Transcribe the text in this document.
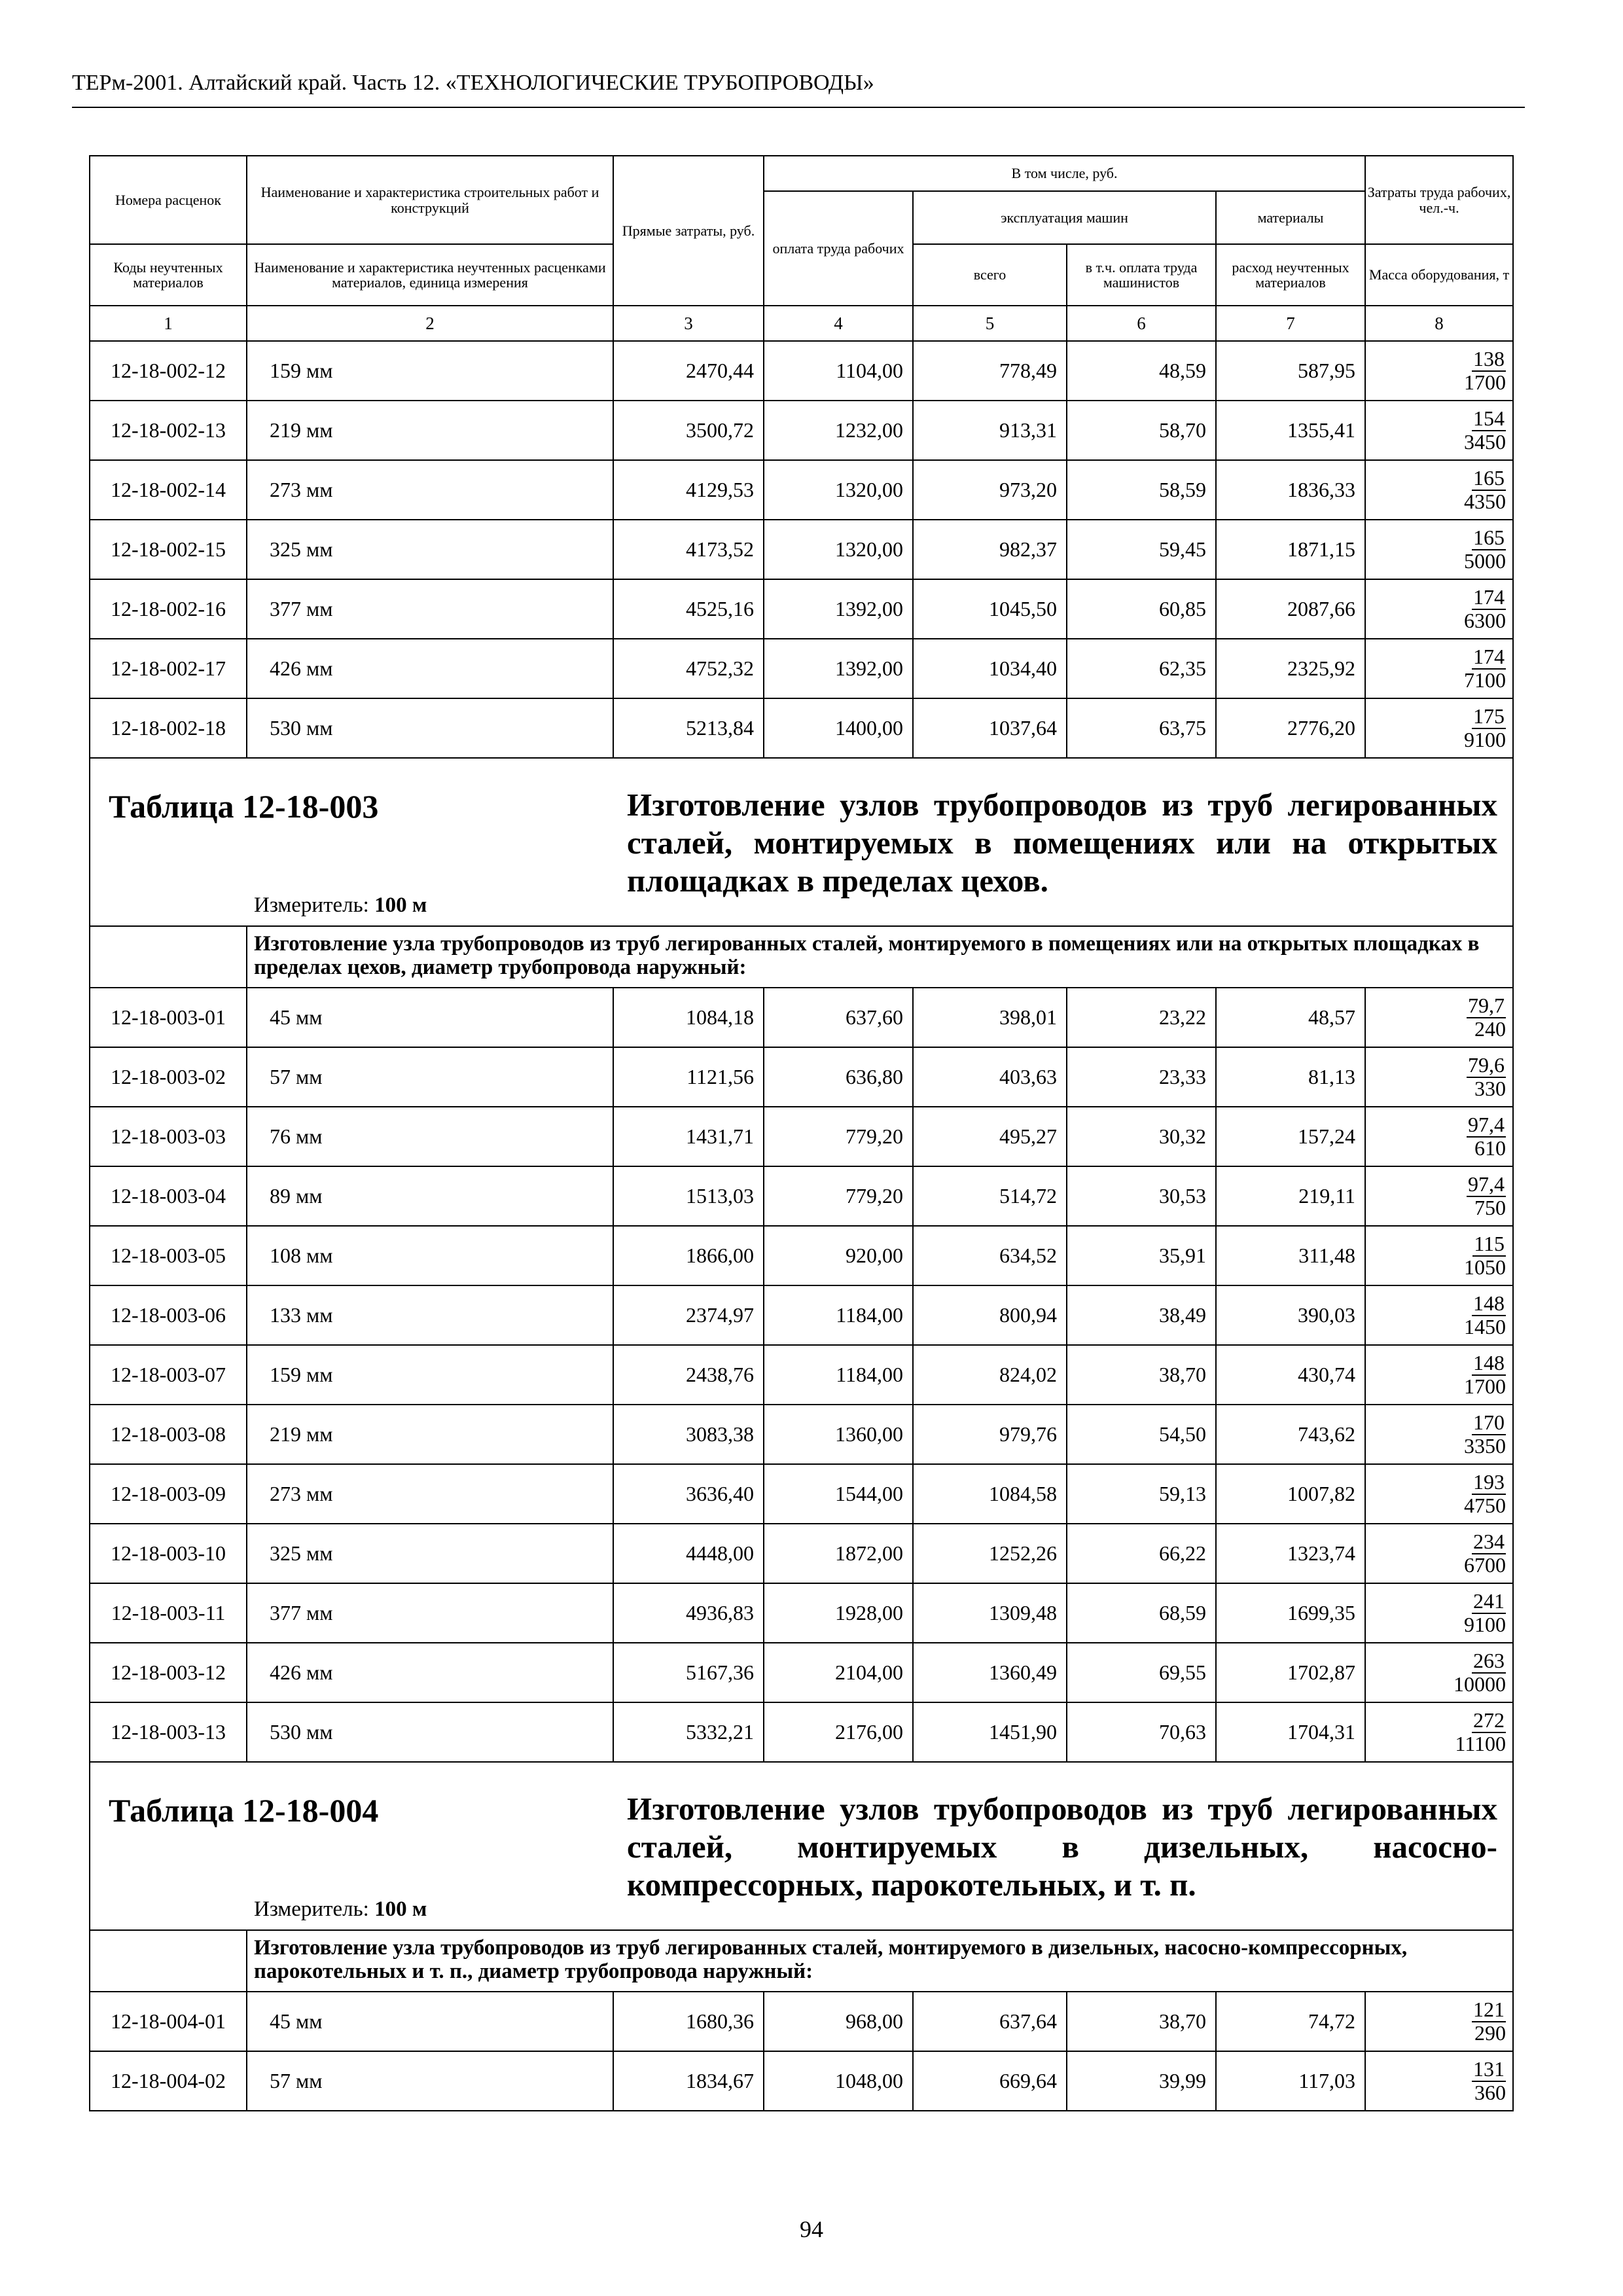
ТЕРм-2001. Алтайский край. Часть 12. «ТЕХНОЛОГИЧЕСКИЕ ТРУБОПРОВОДЫ»
Номера расценок	Наименование и характеристика строительных работ и конструкций	Прямые затраты, руб.	В том числе, руб.				Затраты труда рабочих, чел.-ч.
			оплата труда рабочих	эксплуатация машин		материалы	
Коды неучтенных материалов	Наименование и характеристика неучтенных расценками материалов, единица измерения			всего	в т.ч. оплата труда машинистов	расход неучтенных материалов	Масса оборудования, т
1	2	3	4	5	6	7	8
12-18-002-12	159 мм	2470,44	1104,00	778,49	48,59	587,95	138
1700

12-18-002-13	219 мм	3500,72	1232,00	913,31	58,70	1355,41	154
3450

12-18-002-14	273 мм	4129,53	1320,00	973,20	58,59	1836,33	165
4350

12-18-002-15	325 мм	4173,52	1320,00	982,37	59,45	1871,15	165
5000

12-18-002-16	377 мм	4525,16	1392,00	1045,50	60,85	2087,66	174
6300

12-18-002-17	426 мм	4752,32	1392,00	1034,40	62,35	2325,92	174
7100

12-18-002-18	530 мм	5213,84	1400,00	1037,64	63,75	2776,20	175
9100

Таблица 12-18-003 Изготовление узлов трубопроводов из труб легированных сталей, монтируемых в помещениях или на открытых площадках в пределах цехов.
Измеритель: 100 м							

	Изготовление узла трубопроводов из труб легированных сталей, монтируемого в помещениях или на открытых площадках в пределах цехов, диаметр трубопровода наружный:						
12-18-003-01	45 мм	1084,18	637,60	398,01	23,22	48,57	79,7
240

12-18-003-02	57 мм	1121,56	636,80	403,63	23,33	81,13	79,6
330

12-18-003-03	76 мм	1431,71	779,20	495,27	30,32	157,24	97,4
610

12-18-003-04	89 мм	1513,03	779,20	514,72	30,53	219,11	97,4
750

12-18-003-05	108 мм	1866,00	920,00	634,52	35,91	311,48	115
1050

12-18-003-06	133 мм	2374,97	1184,00	800,94	38,49	390,03	148
1450

12-18-003-07	159 мм	2438,76	1184,00	824,02	38,70	430,74	148
1700

12-18-003-08	219 мм	3083,38	1360,00	979,76	54,50	743,62	170
3350

12-18-003-09	273 мм	3636,40	1544,00	1084,58	59,13	1007,82	193
4750

12-18-003-10	325 мм	4448,00	1872,00	1252,26	66,22	1323,74	234
6700

12-18-003-11	377 мм	4936,83	1928,00	1309,48	68,59	1699,35	241
9100

12-18-003-12	426 мм	5167,36	2104,00	1360,49	69,55	1702,87	263
10000

12-18-003-13	530 мм	5332,21	2176,00	1451,90	70,63	1704,31	272
11100

Таблица 12-18-004 Изготовление узлов трубопроводов из труб легированных сталей, монтируемых в дизельных, насосно-компрессорных, парокотельных, и т. п.
Измеритель: 100 м							

	Изготовление узла трубопроводов из труб легированных сталей, монтируемого в дизельных, насосно-компрессорных, парокотельных и т. п., диаметр трубопровода наружный:						
12-18-004-01	45 мм	1680,36	968,00	637,64	38,70	74,72	121
290

12-18-004-02	57 мм	1834,67	1048,00	669,64	39,99	117,03	131
360
94
